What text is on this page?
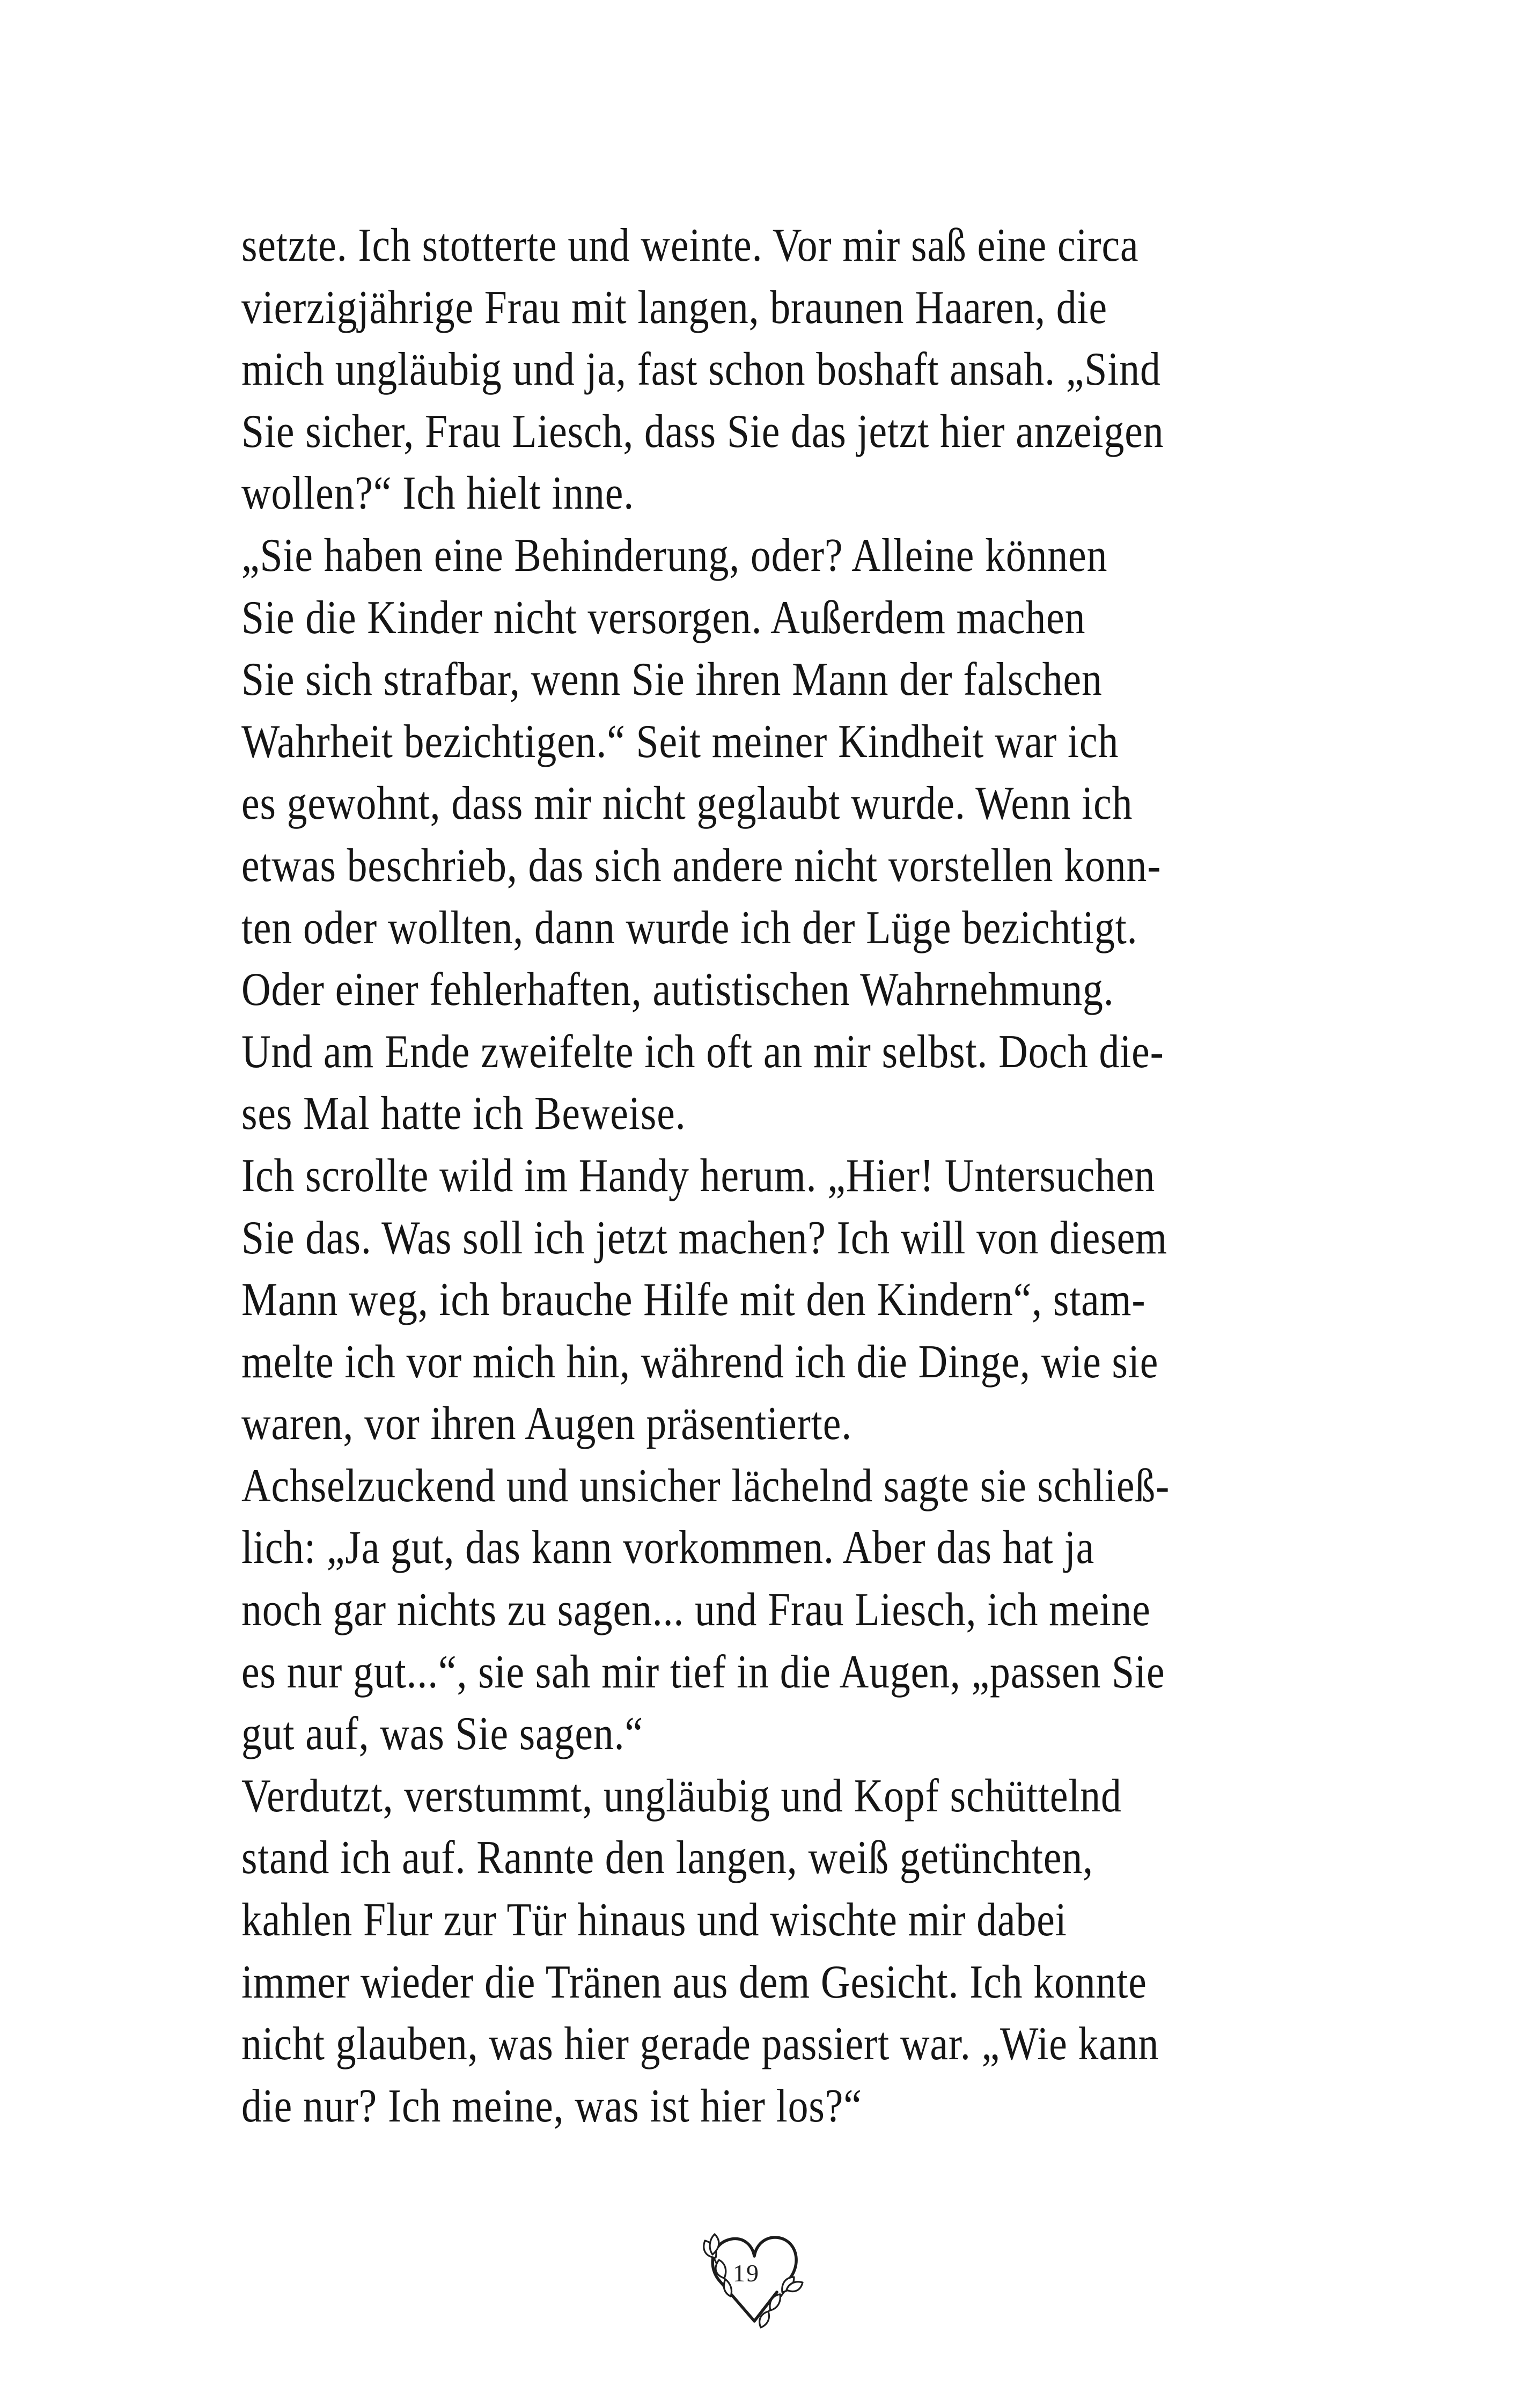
setzte. Ich stotterte und weinte. Vor mir saß eine circa
vierzigjährige Frau mit langen, braunen Haaren, die
mich ungläubig und ja, fast schon boshaft ansah. „Sind
Sie sicher, Frau Liesch, dass Sie das jetzt hier anzeigen
wollen?“ Ich hielt inne.
„Sie haben eine Behinderung, oder? Alleine können
Sie die Kinder nicht versorgen. Außerdem machen
Sie sich strafbar, wenn Sie ihren Mann der falschen
Wahrheit bezichtigen.“ Seit meiner Kindheit war ich
es gewohnt, dass mir nicht geglaubt wurde. Wenn ich
etwas beschrieb, das sich andere nicht vorstellen konn-
ten oder wollten, dann wurde ich der Lüge bezichtigt.
Oder einer fehlerhaften, autistischen Wahrnehmung.
Und am Ende zweifelte ich oft an mir selbst. Doch die-
ses Mal hatte ich Beweise.
Ich scrollte wild im Handy herum. „Hier! Untersuchen
Sie das. Was soll ich jetzt machen? Ich will von diesem
Mann weg, ich brauche Hilfe mit den Kindern“, stam-
melte ich vor mich hin, während ich die Dinge, wie sie
waren, vor ihren Augen präsentierte.
Achselzuckend und unsicher lächelnd sagte sie schließ-
lich: „Ja gut, das kann vorkommen. Aber das hat ja
noch gar nichts zu sagen... und Frau Liesch, ich meine
es nur gut...“, sie sah mir tief in die Augen, „passen Sie
gut auf, was Sie sagen.“
Verdutzt, verstummt, ungläubig und Kopf schüttelnd
stand ich auf. Rannte den langen, weiß getünchten,
kahlen Flur zur Tür hinaus und wischte mir dabei
immer wieder die Tränen aus dem Gesicht. Ich konnte
nicht glauben, was hier gerade passiert war. „Wie kann
die nur? Ich meine, was ist hier los?“
19
